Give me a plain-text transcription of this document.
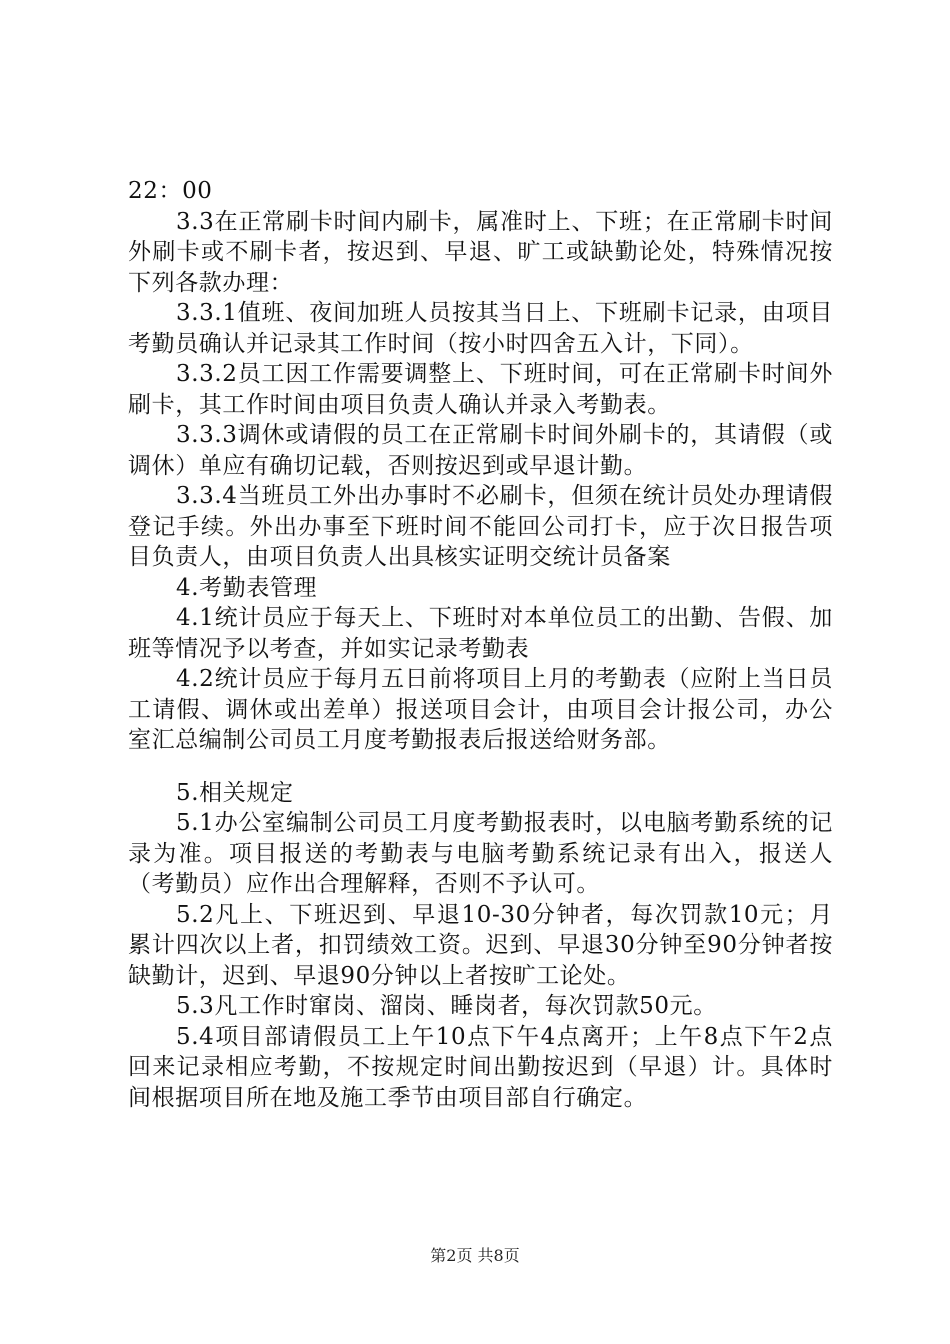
22：00

3.3在正常刷卡时间内刷卡，属准时上、下班；在正常刷卡时间外刷卡或不刷卡者，按迟到、早退、旷工或缺勤论处，特殊情况按下列各款办理：

3.3.1值班、夜间加班人员按其当日上、下班刷卡记录，由项目考勤员确认并记录其工作时间（按小时四舍五入计，下同）。

3.3.2员工因工作需要调整上、下班时间，可在正常刷卡时间外刷卡，其工作时间由项目负责人确认并录入考勤表。

3.3.3调休或请假的员工在正常刷卡时间外刷卡的，其请假（或调休）单应有确切记载，否则按迟到或早退计勤。

3.3.4当班员工外出办事时不必刷卡，但须在统计员处办理请假登记手续。外出办事至下班时间不能回公司打卡，应于次日报告项目负责人，由项目负责人出具核实证明交统计员备案

4.考勤表管理

4.1统计员应于每天上、下班时对本单位员工的出勤、告假、加班等情况予以考查，并如实记录考勤表

4.2统计员应于每月五日前将项目上月的考勤表（应附上当日员工请假、调休或出差单）报送项目会计，由项目会计报公司，办公室汇总编制公司员工月度考勤报表后报送给财务部。

5.相关规定

5.1办公室编制公司员工月度考勤报表时，以电脑考勤系统的记录为准。项目报送的考勤表与电脑考勤系统记录有出入，报送人（考勤员）应作出合理解释，否则不予认可。

5.2凡上、下班迟到、早退10-30分钟者，每次罚款10元；月累计四次以上者，扣罚绩效工资。迟到、早退30分钟至90分钟者按缺勤计，迟到、早退90分钟以上者按旷工论处。

5.3凡工作时窜岗、溜岗、睡岗者，每次罚款50元。

5.4项目部请假员工上午10点下午4点离开；上午8点下午2点回来记录相应考勤，不按规定时间出勤按迟到（早退）计。具体时间根据项目所在地及施工季节由项目部自行确定。

第2页 共8页
